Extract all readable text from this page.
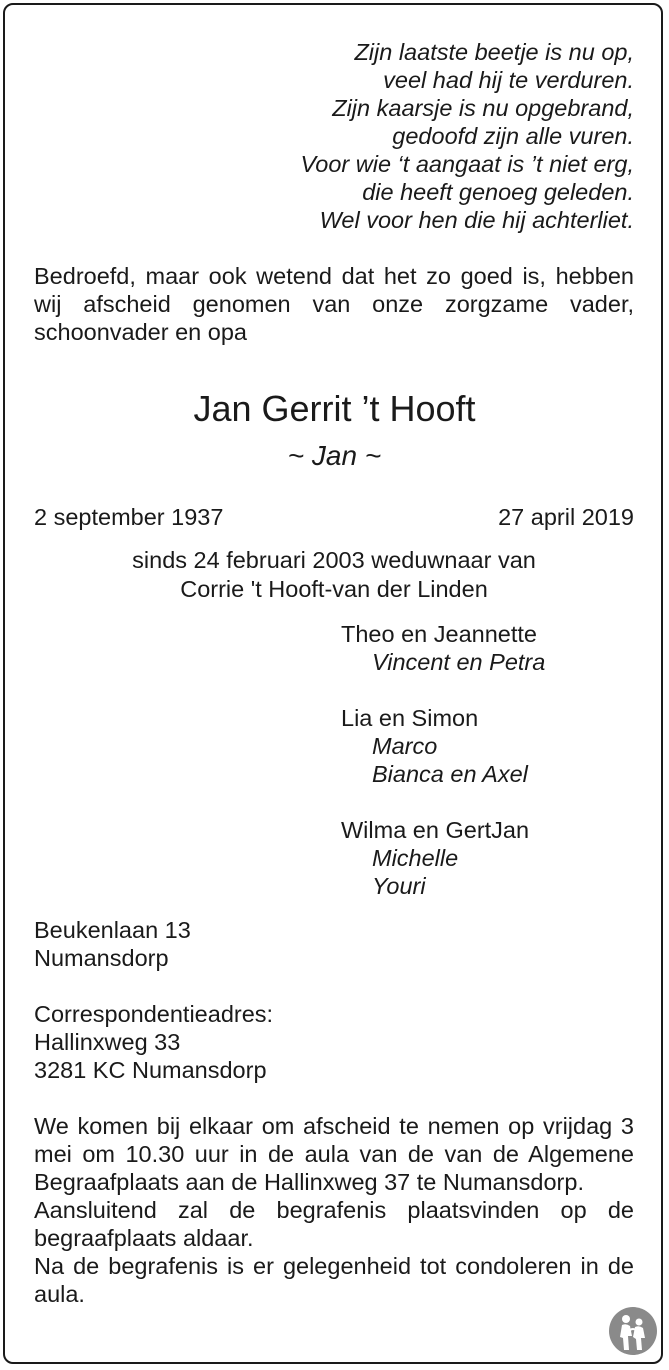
Zijn laatste beetje is nu op,
veel had hij te verduren.
Zijn kaarsje is nu opgebrand,
gedoofd zijn alle vuren.
Voor wie ‘t aangaat is ’t niet erg,
die heeft genoeg geleden.
Wel voor hen die hij achterliet.
Bedroefd, maar ook wetend dat het zo goed is, hebben wij afscheid genomen van onze zorgzame vader, schoonvader en opa
Jan Gerrit ’t Hooft
~ Jan ~
2 september 1937	27 april 2019
sinds 24 februari 2003 weduwnaar van
Corrie 't Hooft-van der Linden
Theo en Jeannette
Vincent en Petra
Lia en Simon
Marco
Bianca en Axel
Wilma en GertJan
Michelle
Youri
Beukenlaan 13
Numansdorp
Correspondentieadres:
Hallinxweg 33
3281 KC Numansdorp

We komen bij elkaar om afscheid te nemen op vrijdag 3 mei om 10.30 uur in de aula van de van de Algemene Begraafplaats aan de Hallinxweg 37 te Numansdorp.

Aansluitend zal de begrafenis plaatsvinden op de begraafplaats aldaar.

Na de begrafenis is er gelegenheid tot condoleren in de aula.
